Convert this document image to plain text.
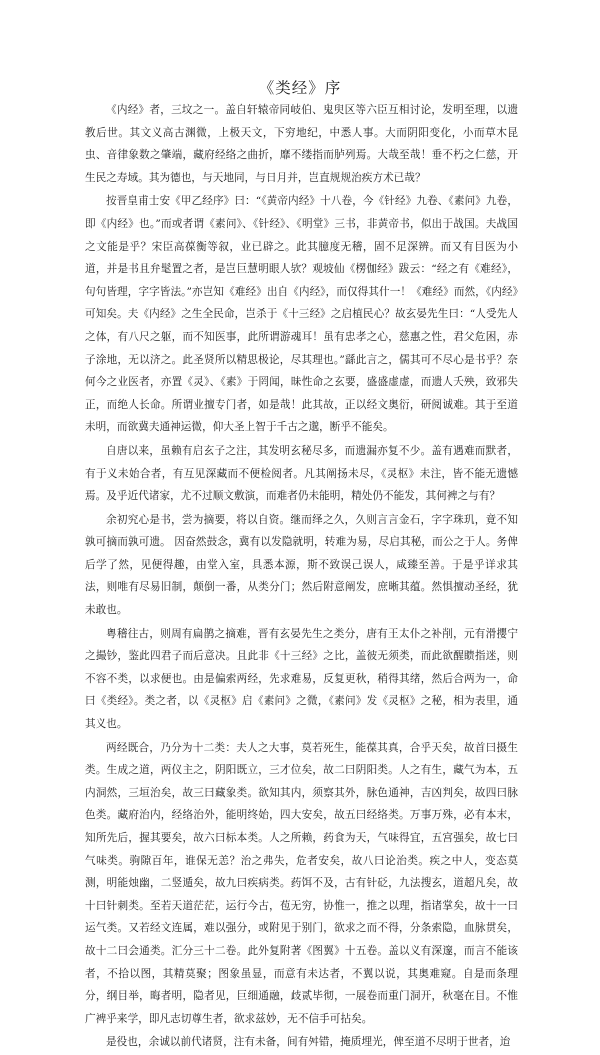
《类经》序

《内经》者，三坟之一。盖自轩辕帝同岐伯、鬼臾区等六臣互相讨论，发明至理，以遗教后世。其文义高古渊微，上极天文，下穷地纪，中悉人事。大而阴阳变化，小而草木昆虫、音律象数之肇端，藏府经络之曲折，靡不缕指而胪列焉。大哉至哉！垂不朽之仁慈，开生民之寿域。其为德也，与天地同，与日月并，岂直规规治疾方术已哉？

按晋皇甫士安《甲乙经序》曰：“《黄帝内经》十八卷，今《针经》九卷、《素问》九卷，即《内经》也。”而或者谓《素问》、《针经》、《明堂》三书，非黄帝书，似出于战国。夫战国之文能是乎？宋臣高葆衡等叙，业已辟之。此其臆度无稽，固不足深辨。而又有目医为小道，并是书且弁髦置之者，是岂巨慧明眼人欤？观坡仙《楞伽经》跋云：“经之有《难经》，句句皆理，字字皆法。”亦岂知《难经》出自《内经》，而仅得其什一！《难经》而然，《内经》可知矣。夫《内经》之生全民命，岂杀于《十三经》之启植民心？故玄晏先生曰：“人受先人之体，有八尺之躯，而不知医事，此所谓游魂耳！虽有忠孝之心，慈惠之性，君父危困，赤子涂地，无以济之。此圣贤所以精思极论，尽其理也。”繇此言之，儒其可不尽心是书乎？奈何今之业医者，亦置《灵》、《素》于罔闻，昧性命之玄要，盛盛虚虚，而遗人夭殃，致邪失正，而绝人长命。所谓业擅专门者，如是哉！此其故，正以经文奥衍，研阅诚难。其于至道未明，而欲冀夫通神运微，仰大圣上智于千古之邈，断乎不能矣。

自唐以来，虽赖有启玄子之注，其发明玄秘尽多，而遗漏亦复不少。盖有遇难而默者，有于义未始合者，有互见深藏而不便检阅者。凡其阐扬未尽，《灵枢》未注，皆不能无遗憾焉。及乎近代诸家，尤不过顺文敷演，而难者仍未能明，精处仍不能发，其何裨之与有？

余初究心是书，尝为摘要，将以自资。继而绎之久，久则言言金石，字字珠玑，竟不知孰可摘而孰可遗。 因奋然鼓念，冀有以发隐就明，转难为易，尽启其秘，而公之于人。务俾后学了然，见便得趣，由堂入室，具悉本源，斯不致误己误人，咸臻至善。于是乎详求其法，则唯有尽易旧制，颠倒一番，从类分门；然后附意阐发，庶晰其蕴。然惧擅动圣经，犹未敢也。

粤稽往古，则周有扁鹊之摘难，晋有玄晏先生之类分，唐有王太仆之补削，元有滑攖宁之撮钞，鉴此四君子而后意决。且此非《十三经》之比，盖彼无须类，而此欲醒瞆指迷，则不容不类，以求便也。由是偏索两经，先求难易，反复更秋，稍得其绪，然后合两为一，命曰《类经》。类之者，以《灵枢》启《素问》之微，《素问》发《灵枢》之秘，相为表里，通其义也。

两经既合，乃分为十二类：夫人之大事，莫若死生，能葆其真，合乎天矣，故首曰摄生类。生成之道，两仪主之，阴阳既立，三才位矣，故二曰阴阳类。人之有生，藏气为本，五内洞然，三垣治矣，故三曰藏象类。欲知其内，须察其外，脉色通神，吉凶判矣，故四曰脉色类。藏府治内，经络治外，能明终始，四大安矣，故五曰经络类。万事万殊，必有本末，知所先后，握其要矣，故六曰标本类。人之所赖，药食为天，气味得宜，五宫强矣，故七曰气味类。驹隙百年，谁保无恙？治之弗失，危者安矣，故八曰论治类。疾之中人，变态莫测，明能烛幽，二竖遁矣，故九曰疾病类。药饵不及，古有针砭，九法搜玄，道超凡矣，故十曰针刺类。至若天道茫茫，运行今古，苞无穷，协惟一，推之以理，指诸掌矣，故十一曰运气类。又若经文连属，难以强分，或附见于别门，欲求之而不得，分条索隐，血脉贯矣，故十二曰会通类。汇分三十二卷。此外复附著《图翼》十五卷。盖以义有深邃，而言不能该者，不拾以图，其精莫聚；图象虽显，而意有未达者，不翼以说，其奥难窥。自是而条理分，纲目举，晦者明，隐者见，巨细通融，歧贰毕彻，一展卷而重门洞开，秋毫在目。不惟广裨乎来学，即凡志切尊生者，欲求兹妙，无不信手可拈矣。

是役也，余诚以前代诸贤，注有未备，间有舛错，掩质埋光，俾至道不尽明于世者，迨
